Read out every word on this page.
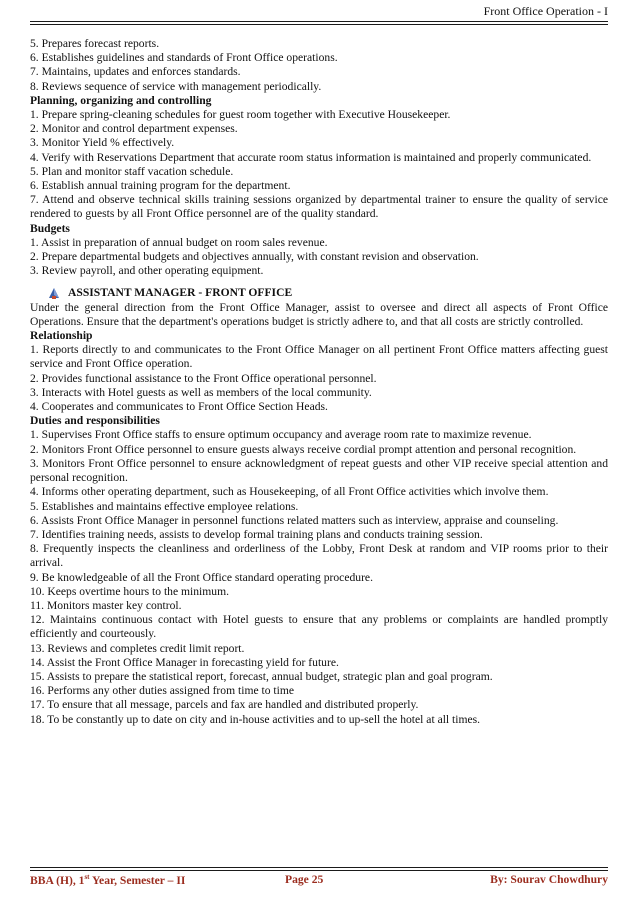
Front Office Operation - I

5. Prepares forecast reports.

6. Establishes guidelines and standards of Front Office operations.

7. Maintains, updates and enforces standards.

8. Reviews sequence of service with management periodically.

Planning, organizing and controlling

1. Prepare spring-cleaning schedules for guest room together with Executive Housekeeper.

2. Monitor and control department expenses.

3. Monitor Yield % effectively.

4. Verify with Reservations Department that accurate room status information is maintained and properly communicated.

5. Plan and monitor staff vacation schedule.

6. Establish annual training program for the department.

7. Attend and observe technical skills training sessions organized by departmental trainer to ensure the quality of service rendered to guests by all Front Office personnel are of the quality standard.

Budgets

1. Assist in preparation of annual budget on room sales revenue.

2. Prepare departmental budgets and objectives annually, with constant revision and observation.

3. Review payroll, and other operating equipment.

ASSISTANT MANAGER - FRONT OFFICE

Under the general direction from the Front Office Manager, assist to oversee and direct all aspects of Front Office Operations. Ensure that the department's operations budget is strictly adhere to, and that all costs are strictly controlled.

Relationship

1. Reports directly to and communicates to the Front Office Manager on all pertinent Front Office matters affecting guest service and Front Office operation.

2. Provides functional assistance to the Front Office operational personnel.

3. Interacts with Hotel guests as well as members of the local community.

4. Cooperates and communicates to Front Office Section Heads.

Duties and responsibilities

1. Supervises Front Office staffs to ensure optimum occupancy and average room rate to maximize revenue.

2. Monitors Front Office personnel to ensure guests always receive cordial prompt attention and personal recognition.

3. Monitors Front Office personnel to ensure acknowledgment of repeat guests and other VIP receive special attention and personal recognition.

4. Informs other operating department, such as Housekeeping, of all Front Office activities which involve them.

5. Establishes and maintains effective employee relations.

6. Assists Front Office Manager in personnel functions related matters such as interview, appraise and counseling.

7. Identifies training needs, assists to develop formal training plans and conducts training session.

8. Frequently inspects the cleanliness and orderliness of the Lobby, Front Desk at random and VIP rooms prior to their arrival.

9. Be knowledgeable of all the Front Office standard operating procedure.

10. Keeps overtime hours to the minimum.

11. Monitors master key control.

12. Maintains continuous contact with Hotel guests to ensure that any problems or complaints are handled promptly efficiently and courteously.

13. Reviews and completes credit limit report.

14. Assist the Front Office Manager in forecasting yield for future.

15. Assists to prepare the statistical report, forecast, annual budget, strategic plan and goal program.

16. Performs any other duties assigned from time to time

17. To ensure that all message, parcels and fax are handled and distributed properly.

18. To be constantly up to date on city and in-house activities and to up-sell the hotel at all times.

BBA (H), 1st Year, Semester – II	Page 25	By: Sourav Chowdhury
